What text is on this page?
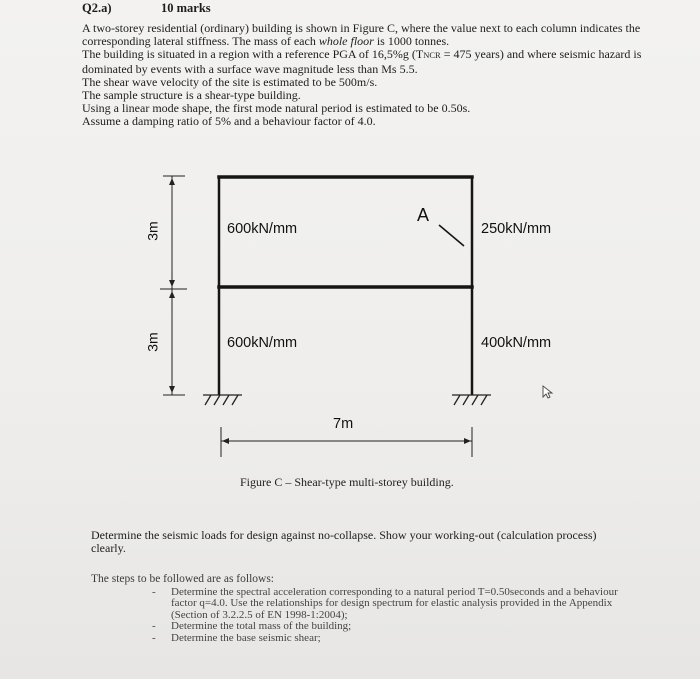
Q2.a)	10 marks

A two-storey residential (ordinary) building is shown in Figure C, where the value next to each column indicates the corresponding lateral stiffness. The mass of each whole floor is 1000 tonnes.

The building is situated in a region with a reference PGA of 16,5%g (TNCR = 475 years) and where seismic hazard is dominated by events with a surface wave magnitude less than Ms 5.5.

The shear wave velocity of the site is estimated to be 500m/s.

The sample structure is a shear-type building.

Using a linear mode shape, the first mode natural period is estimated to be 0.50s.

Assume a damping ratio of 5% and a behaviour factor of 4.0.

600kN/mm	250kN/mm
600kN/mm	400kN/mm
A
3m
3m
7m
Figure C – Shear-type multi-storey building.
Determine the seismic loads for design against no-collapse. Show your working-out (calculation process) clearly.
The steps to be followed are as follows:
- Determine the spectral acceleration corresponding to a natural period T=0.50seconds and a behaviour factor q=4.0. Use the relationships for design spectrum for elastic analysis provided in the Appendix (Section of 3.2.2.5 of EN 1998-1:2004);
- Determine the total mass of the building;
- Determine the base seismic shear;
